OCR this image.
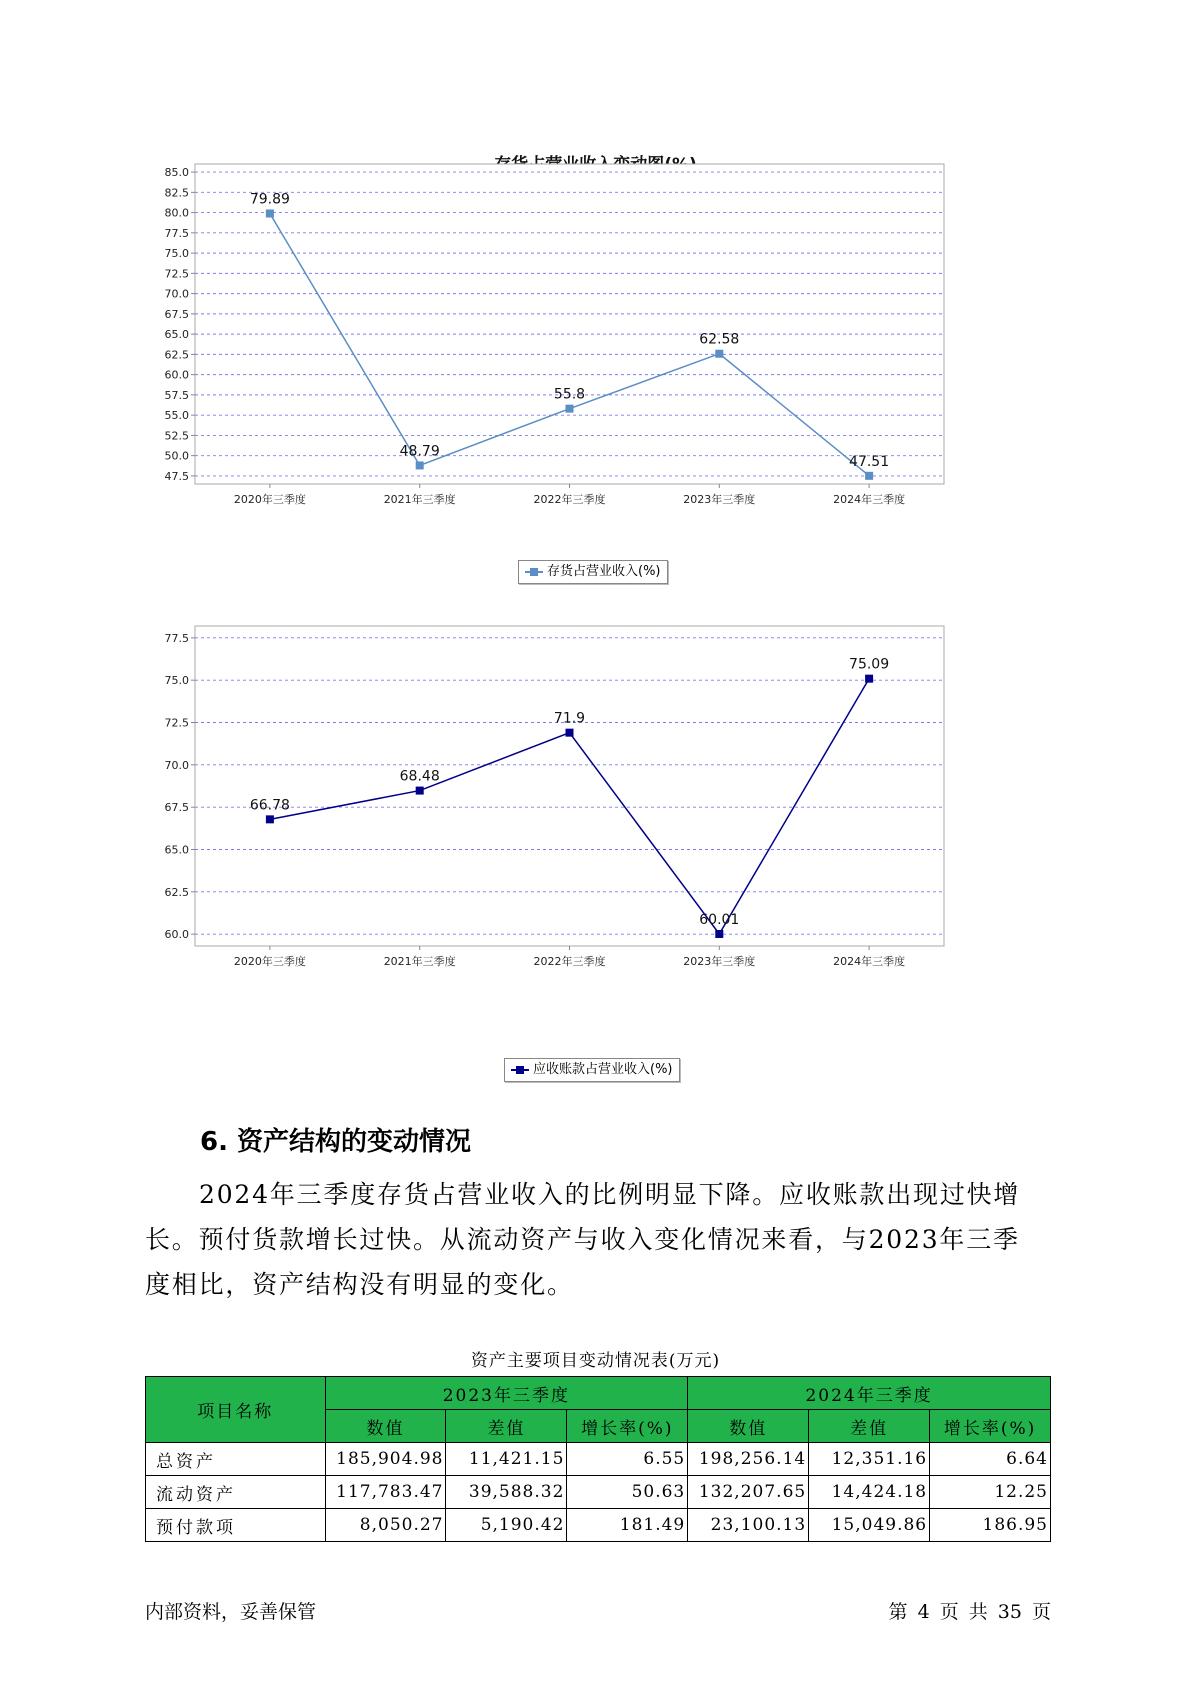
47.5
50.0
52.5
55.0
57.5
60.0
62.5
65.0
67.5
70.0
72.5
75.0
77.5
80.0
82.5
85.0
2020年三季度	2021年三季度	2022年三季度	2023年三季度	2024年三季度
79.89
48.79
55.8
62.58
47.51
存货占营业收入(%)
60.0
62.5
65.0
67.5
70.0
72.5
75.0
77.5
2020年三季度	2021年三季度	2022年三季度	2023年三季度	2024年三季度
66.78
68.48
71.9
60.01
75.09
应收账款占营业收入(%)
6. 资产结构的变动情况
2024年三季度存货占营业收入的比例明显下降。应收账款出现过快增长。预付货款增长过快。从流动资产与收入变化情况来看，与2023年三季度相比，资产结构没有明显的变化。
资产主要项目变动情况表(万元)
项目名称	2023年三季度			2024年三季度		
	数值	差值	增长率(%)	数值	差值	增长率(%)
总资产	185,904.98	11,421.15	6.55	198,256.14	12,351.16	6.64
流动资产	117,783.47	39,588.32	50.63	132,207.65	14,424.18	12.25
预付款项	8,050.27	5,190.42	181.49	23,100.13	15,049.86	186.95
内部资料，妥善保管	第 4 页 共 35 页
